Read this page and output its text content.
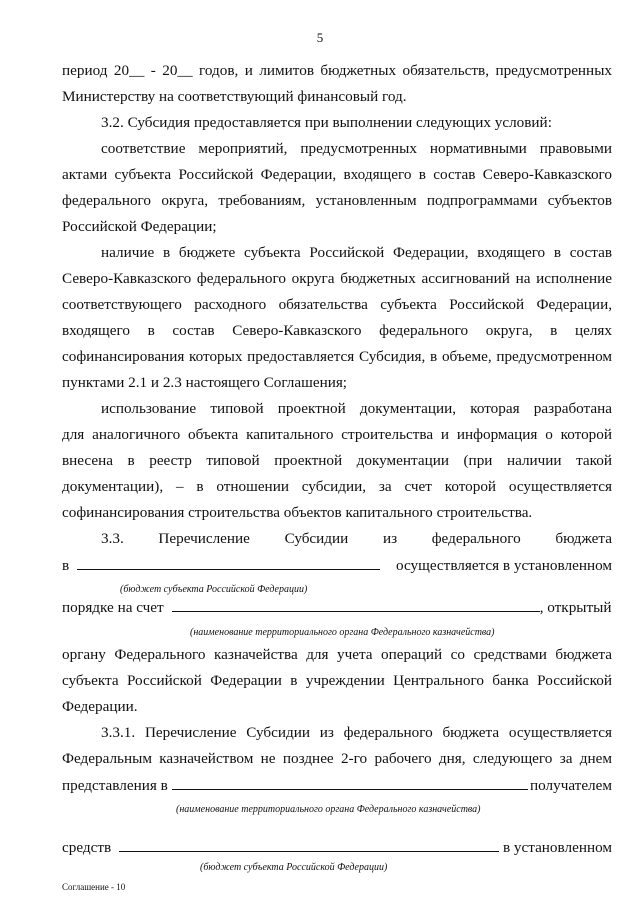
5
период 20__ - 20__ годов, и лимитов бюджетных обязательств, предусмотренных
Министерству на соответствующий финансовый год.
3.2. Субсидия предоставляется при выполнении следующих условий:
соответствие мероприятий, предусмотренных нормативными правовыми
актами субъекта Российской Федерации, входящего в состав Северо-Кавказского
федерального округа, требованиям, установленным подпрограммами субъектов
Российской Федерации;
наличие в бюджете субъекта Российской Федерации, входящего в состав
Северо-Кавказского федерального округа бюджетных ассигнований на исполнение
соответствующего расходного обязательства субъекта Российской Федерации,
входящего в состав Северо-Кавказского федерального округа, в целях
софинансирования которых предоставляется Субсидия, в объеме, предусмотренном
пунктами 2.1 и 2.3 настоящего Соглашения;
использование типовой проектной документации, которая разработана
для аналогичного объекта капитального строительства и информация о которой
внесена в реестр типовой проектной документации (при наличии такой
документации), – в отношении субсидии, за счет которой осуществляется
софинансирования строительства объектов капитального строительства.
3.3. Перечисление Субсидии из федерального бюджета
в	осуществляется в установленном
(бюджет субъекта Российской Федерации)
порядке на счет	, открытый
(наименование территориального органа Федерального казначейства)
органу Федерального казначейства для учета операций со средствами бюджета
субъекта Российской Федерации в учреждении Центрального банка Российской
Федерации.
3.3.1. Перечисление Субсидии из федерального бюджета осуществляется
Федеральным казначейством не позднее 2-го рабочего дня, следующего за днем
представления в	получателем
(наименование территориального органа Федерального казначейства)
средств	в установленном
(бюджет субъекта Российской Федерации)
Соглашение - 10
